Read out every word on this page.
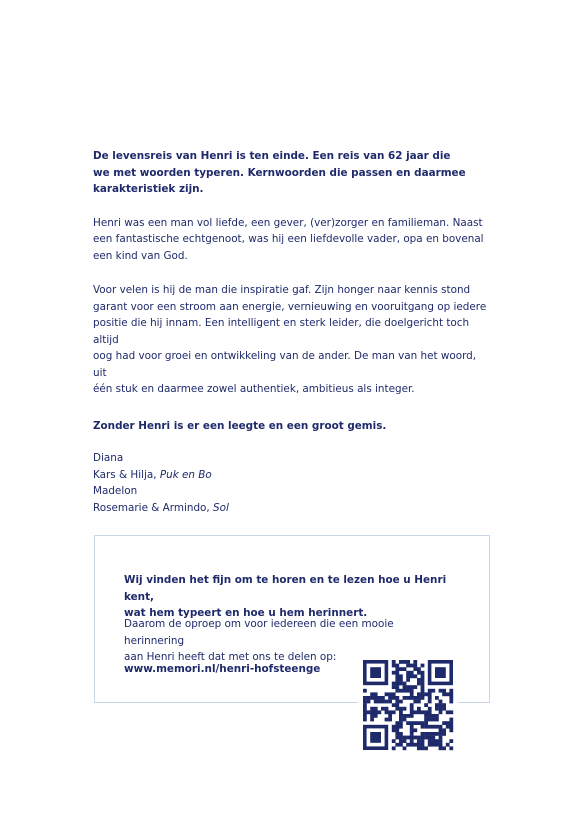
De levensreis van Henri is ten einde. Een reis van 62 jaar die
we met woorden typeren. Kernwoorden die passen en daarmee
karakteristiek zijn.

Henri was een man vol liefde, een gever, (ver)zorger en familieman. Naast
een fantastische echtgenoot, was hij een liefdevolle vader, opa en bovenal
een kind van God.

Voor velen is hij de man die inspiratie gaf. Zijn honger naar kennis stond
garant voor een stroom aan energie, vernieuwing en vooruitgang op iedere
positie die hij innam. Een intelligent en sterk leider, die doelgericht toch altijd
oog had voor groei en ontwikkeling van de ander. De man van het woord, uit
één stuk en daarmee zowel authentiek, ambitieus als integer.

Zonder Henri is er een leegte en een groot gemis.

Diana

Kars & Hilja, Puk en Bo

Madelon

Rosemarie & Armindo, Sol

Wij vinden het fijn om te horen en te lezen hoe u Henri kent,
wat hem typeert en hoe u hem herinnert.

Daarom de oproep om voor iedereen die een mooie herinnering
aan Henri heeft dat met ons te delen op:

www.memori.nl/henri-hofsteenge
